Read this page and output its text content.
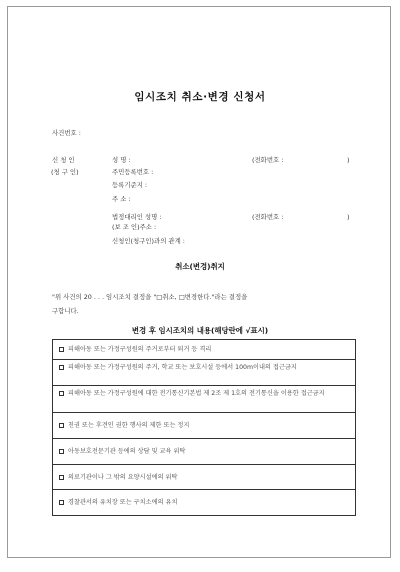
임시조치 취소·변경 신청서
사건번호 :
신 청 인
(청 구 인)
성 명 :	(전화번호 :	)
주민등록번호 :
등록기준지 :
주 소 :
법정대리인 성명 :	(전화번호 :	)
(보 조 인)주소 :
신청인(청구인)과의 관계 :
취소(변경)취지
"위 사건의 20 . . . 임시조치 결정을 "□취소, □변경한다."라는 결정을
구합니다.
변경 후 임시조치의 내용(해당란에 √표시)
피해아동 또는 가정구성원의 주거로부터 퇴거 등 격리
피해아동 또는 가정구성원의 주거, 학교 또는 보호시설 등에서 100m이내의 접근금지
피해아동 또는 가정구성원에 대한 전기통신기본법 제 2조 제 1호의 전기통신을 이용한 접근금지
친권 또는 후견인 권한 행사의 제한 또는 정지
아동보호전문기관 등에의 상담 및 교육 위탁
의료기관이나 그 밖의 요양시설에의 위탁
경찰관서의 유치장 또는 구치소에의 유치
